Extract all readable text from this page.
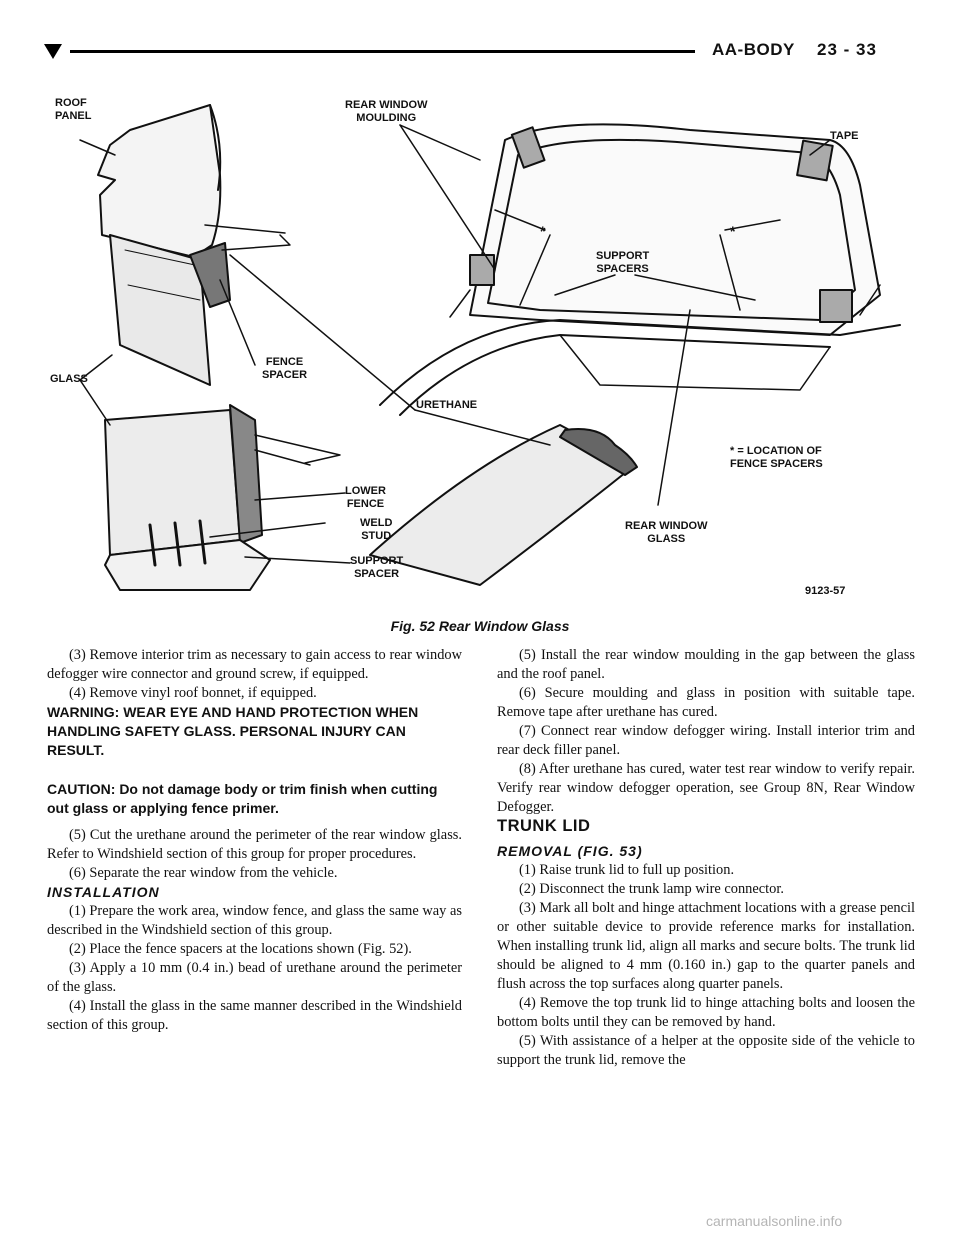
AA-BODY 23 - 33
ROOF
PANEL
REAR WINDOW
MOULDING
TAPE
SUPPORT
SPACERS
GLASS
FENCE
SPACER
URETHANE
* = LOCATION OF
FENCE SPACERS
LOWER
FENCE
WELD
STUD
SUPPORT
SPACER
REAR WINDOW
GLASS
*	*
9123-57
Fig. 52 Rear Window Glass

(3) Remove interior trim as necessary to gain access to rear window defogger wire connector and ground screw, if equipped.

(4) Remove vinyl roof bonnet, if equipped.

WARNING: WEAR EYE AND HAND PROTECTION WHEN HANDLING SAFETY GLASS. PERSONAL INJURY CAN RESULT.

CAUTION: Do not damage body or trim finish when cutting out glass or applying fence primer.

(5) Cut the urethane around the perimeter of the rear window glass. Refer to Windshield section of this group for proper procedures.

(6) Separate the rear window from the vehicle.

INSTALLATION

(1) Prepare the work area, window fence, and glass the same way as described in the Windshield section of this group.

(2) Place the fence spacers at the locations shown (Fig. 52).

(3) Apply a 10 mm (0.4 in.) bead of urethane around the perimeter of the glass.

(4) Install the glass in the same manner described in the Windshield section of this group.

(5) Install the rear window moulding in the gap between the glass and the roof panel.

(6) Secure moulding and glass in position with suitable tape. Remove tape after urethane has cured.

(7) Connect rear window defogger wiring. Install interior trim and rear deck filler panel.

(8) After urethane has cured, water test rear window to verify repair. Verify rear window defogger operation, see Group 8N, Rear Window Defogger.

TRUNK LID

REMOVAL (FIG. 53)

(1) Raise trunk lid to full up position.

(2) Disconnect the trunk lamp wire connector.

(3) Mark all bolt and hinge attachment locations with a grease pencil or other suitable device to provide reference marks for installation. When installing trunk lid, align all marks and secure bolts. The trunk lid should be aligned to 4 mm (0.160 in.) gap to the quarter panels and flush across the top surfaces along quarter panels.

(4) Remove the top trunk lid to hinge attaching bolts and loosen the bottom bolts until they can be removed by hand.

(5) With assistance of a helper at the opposite side of the vehicle to support the trunk lid, remove the

carmanualsonline.info
